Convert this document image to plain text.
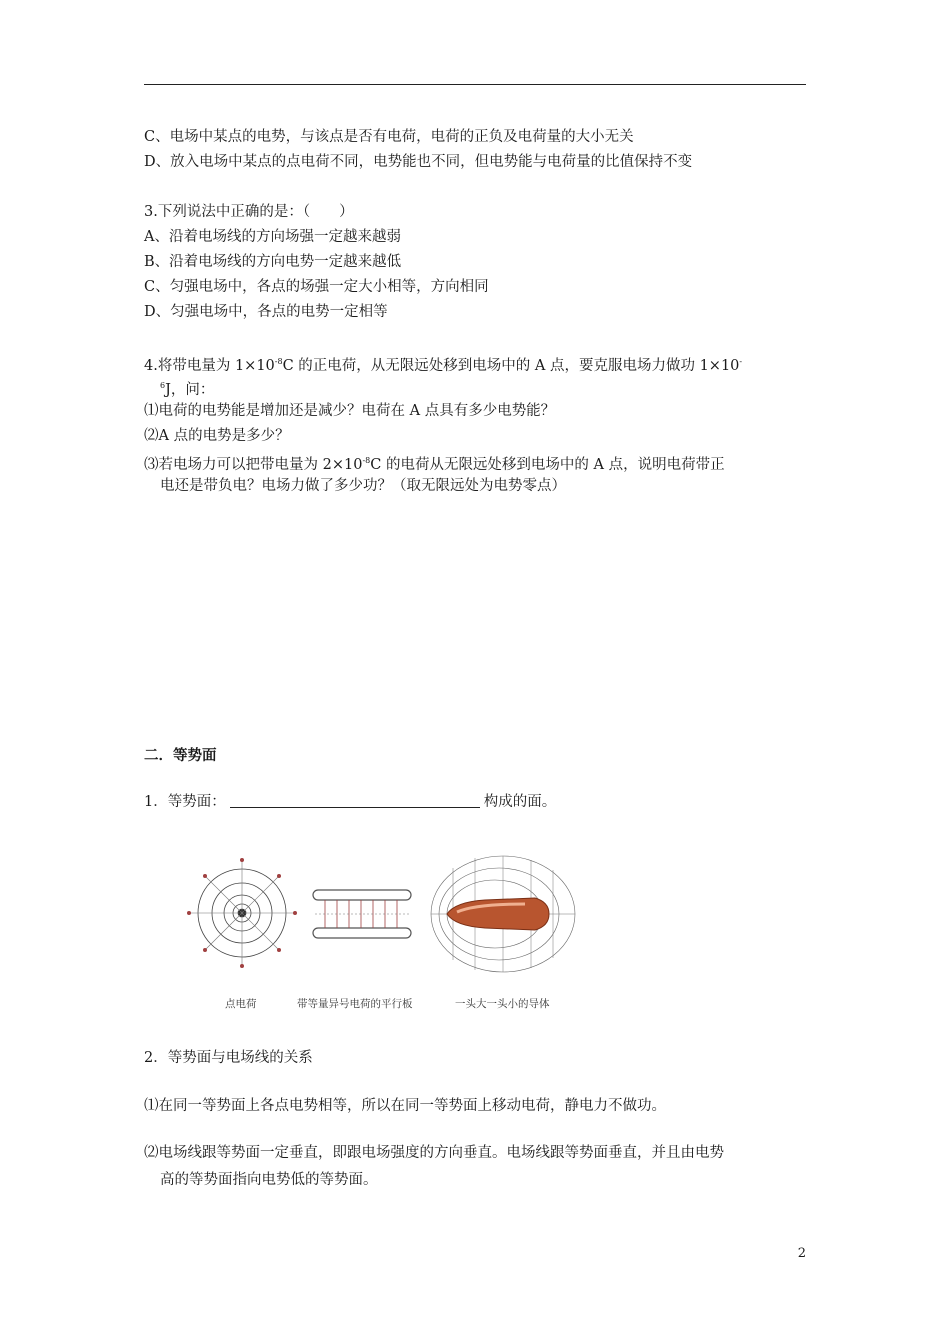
C、电场中某点的电势，与该点是否有电荷，电荷的正负及电荷量的大小无关
D、放入电场中某点的点电荷不同，电势能也不同，但电势能与电荷量的比值保持不变
3.下列说法中正确的是：（　　）
A、沿着电场线的方向场强一定越来越弱
B、沿着电场线的方向电势一定越来越低
C、匀强电场中，各点的场强一定大小相等，方向相同
D、匀强电场中，各点的电势一定相等
4.将带电量为 $1\times 10^{-8}C$ 的正电荷，从无限远处移到电场中的 A 点，要克服电场力做功 1×10-
$^6$J，问：
⑴电荷的电势能是增加还是减少？电荷在 A 点具有多少电势能？
⑵A 点的电势是多少？
⑶若电场力可以把带电量为 $2\times 10^{-8}C$ 的电荷从无限远处移到电场中的 A 点，说明电荷带正
电还是带负电？电场力做了多少功？（取无限远处为电势零点）
二．等势面
1．等势面：	构成的面。
点电荷	带等量异号电荷的平行板	一头大一头小的导体
2．等势面与电场线的关系
⑴在同一等势面上各点电势相等，所以在同一等势面上移动电荷，静电力不做功。
⑵电场线跟等势面一定垂直，即跟电场强度的方向垂直。电场线跟等势面垂直，并且由电势
高的等势面指向电势低的等势面。
2
